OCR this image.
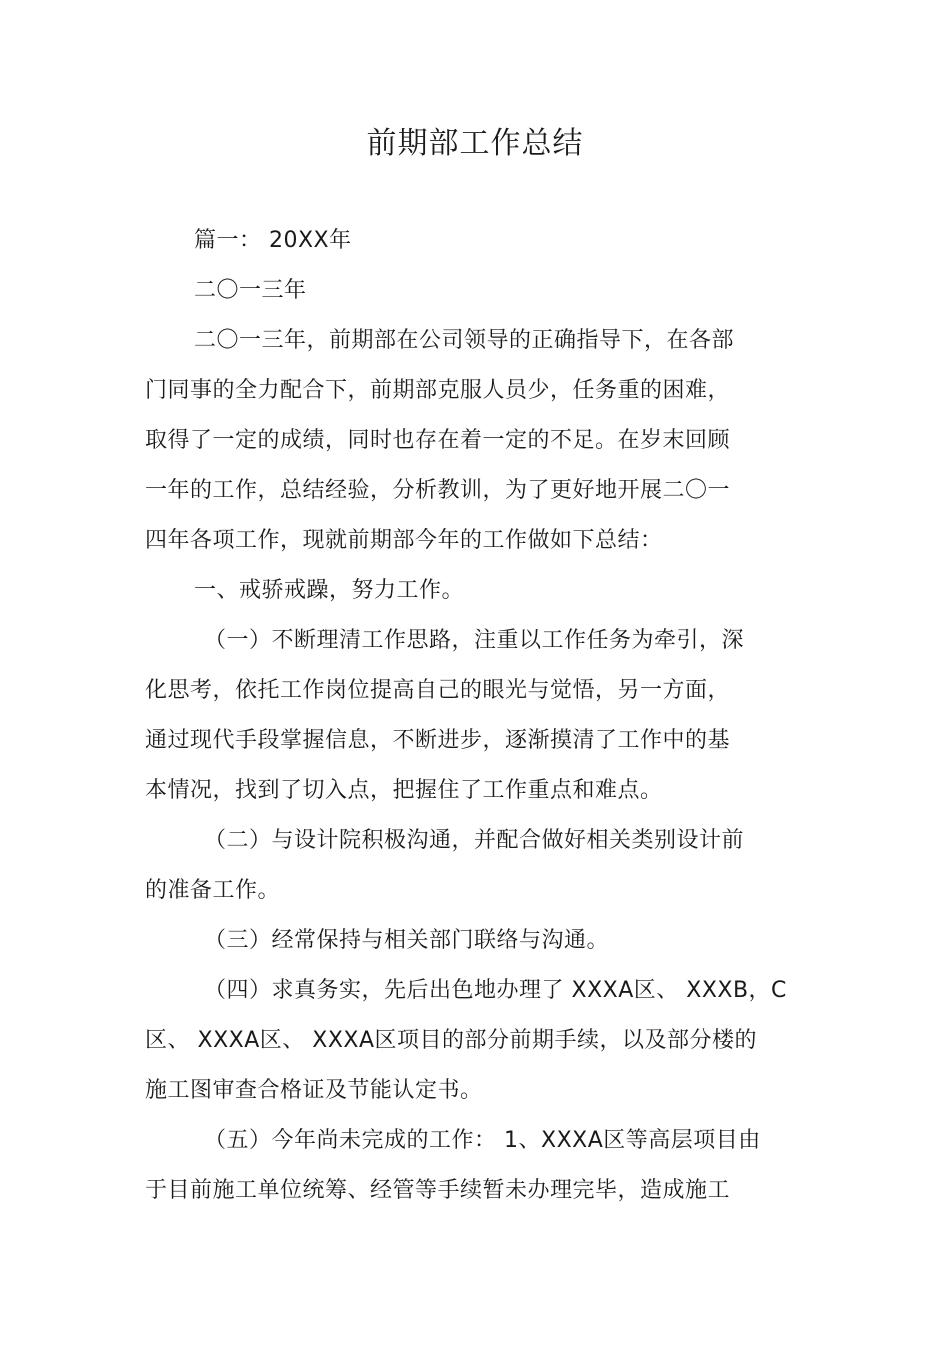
前期部工作总结
篇一： 20XX年
二〇一三年
二〇一三年，前期部在公司领导的正确指导下，在各部
门同事的全力配合下，前期部克服人员少，任务重的困难，
取得了一定的成绩，同时也存在着一定的不足。在岁末回顾
一年的工作，总结经验，分析教训，为了更好地开展二〇一
四年各项工作，现就前期部今年的工作做如下总结：
一、戒骄戒躁，努力工作。
（一）不断理清工作思路，注重以工作任务为牵引，深
化思考，依托工作岗位提高自己的眼光与觉悟，另一方面，
通过现代手段掌握信息，不断进步，逐渐摸清了工作中的基
本情况，找到了切入点，把握住了工作重点和难点。
（二）与设计院积极沟通，并配合做好相关类别设计前
的准备工作。
（三）经常保持与相关部门联络与沟通。
（四）求真务实，先后出色地办理了 XXXA区、 XXXB，C
区、 XXXA区、 XXXA区项目的部分前期手续，以及部分楼的
施工图审查合格证及节能认定书。
（五）今年尚未完成的工作： 1、XXXA区等高层项目由
于目前施工单位统筹、经管等手续暂未办理完毕，造成施工
